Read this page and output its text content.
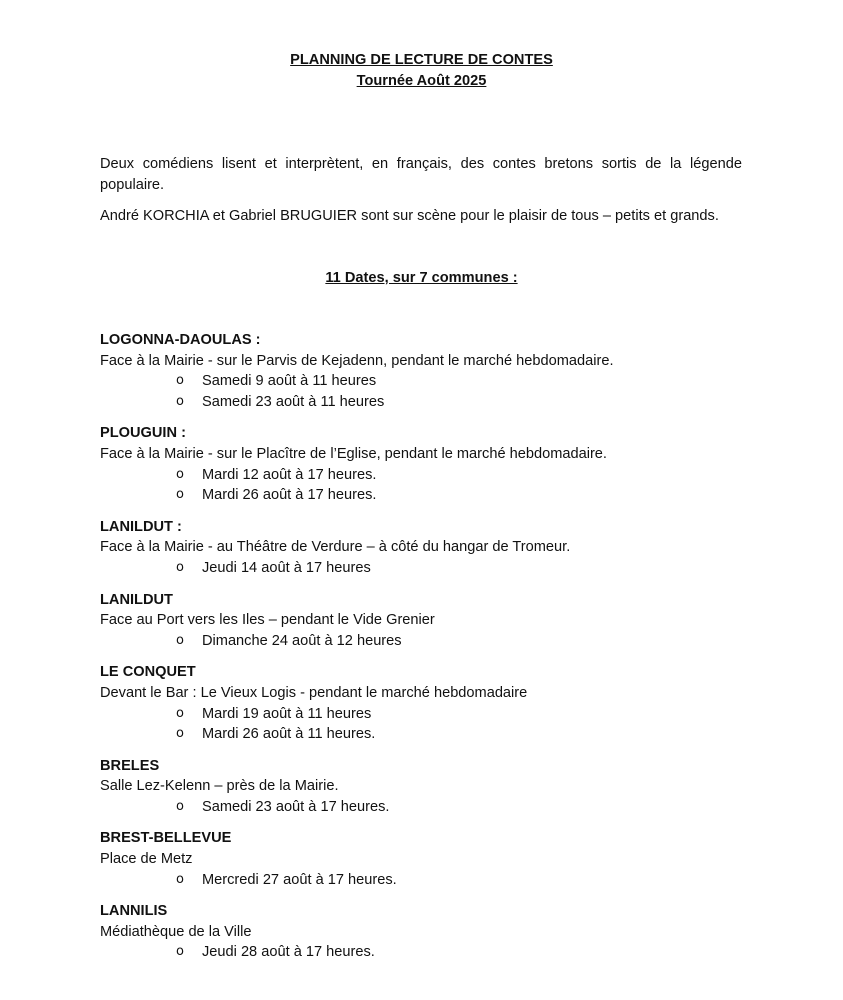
PLANNING DE LECTURE DE CONTES
Tournée Août 2025

Deux comédiens lisent et interprètent, en français, des contes bretons sortis de la légende populaire.

André KORCHIA et Gabriel BRUGUIER sont sur scène pour le plaisir de tous – petits et grands.

11 Dates, sur 7 communes :
LOGONNA-DAOULAS :
Face à la Mairie - sur le Parvis de Kejadenn, pendant le marché hebdomadaire.
o Samedi 9 août à 11 heures
o Samedi 23 août à 11 heures
PLOUGUIN :
Face à la Mairie - sur le Placître de l’Eglise, pendant le marché hebdomadaire.
o Mardi 12 août à 17 heures.
o Mardi 26 août à 17 heures.
LANILDUT :
Face à la Mairie - au Théâtre de Verdure – à côté du hangar de Tromeur.
o Jeudi 14 août à 17 heures
LANILDUT
Face au Port vers les Iles – pendant le Vide Grenier
o Dimanche 24 août à 12 heures
LE CONQUET
Devant le Bar : Le Vieux Logis - pendant le marché hebdomadaire
o Mardi 19 août à 11 heures
o Mardi 26 août à 11 heures.
BRELES
Salle Lez-Kelenn – près de la Mairie.
o Samedi 23 août à 17 heures.
BREST-BELLEVUE
Place de Metz
o Mercredi 27 août à 17 heures.
LANNILIS
Médiathèque de la Ville
o Jeudi 28 août à 17 heures.
